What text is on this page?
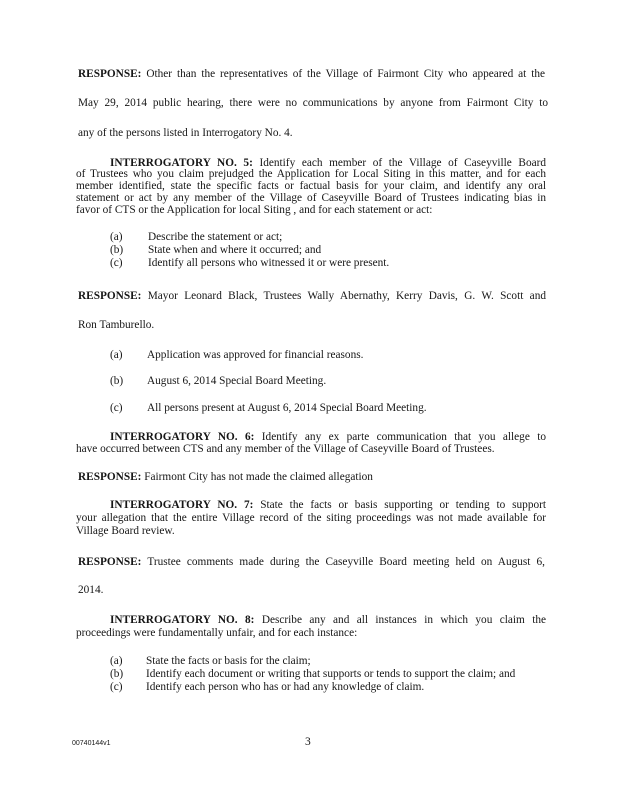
RESPONSE: Other than the representatives of the Village of Fairmont City who appeared at the
May 29, 2014 public hearing, there were no communications by anyone from Fairmont City to
any of the persons listed in Interrogatory No. 4.
INTERROGATORY NO. 5: Identify each member of the Village of Caseyville Board
of Trustees who you claim prejudged the Application for Local Siting in this matter, and for each
member identified, state the specific facts or factual basis for your claim, and identify any oral
statement or act by any member of the Village of Caseyville Board of Trustees indicating bias in
favor of CTS or the Application for local Siting , and for each statement or act:
(a) Describe the statement or act;
(b) State when and where it occurred; and
(c) Identify all persons who witnessed it or were present.
RESPONSE: Mayor Leonard Black, Trustees Wally Abernathy, Kerry Davis, G. W. Scott and
Ron Tamburello.
(a) Application was approved for financial reasons.
(b) August 6, 2014 Special Board Meeting.
(c) All persons present at August 6, 2014 Special Board Meeting.
INTERROGATORY NO. 6: Identify any ex parte communication that you allege to
have occurred between CTS and any member of the Village of Caseyville Board of Trustees.
RESPONSE: Fairmont City has not made the claimed allegation
INTERROGATORY NO. 7: State the facts or basis supporting or tending to support
your allegation that the entire Village record of the siting proceedings was not made available for
Village Board review.
RESPONSE: Trustee comments made during the Caseyville Board meeting held on August 6,
2014.
INTERROGATORY NO. 8: Describe any and all instances in which you claim the
proceedings were fundamentally unfair, and for each instance:
(a) State the facts or basis for the claim;
(b) Identify each document or writing that supports or tends to support the claim; and
(c) Identify each person who has or had any knowledge of claim.
00740144v1	3
